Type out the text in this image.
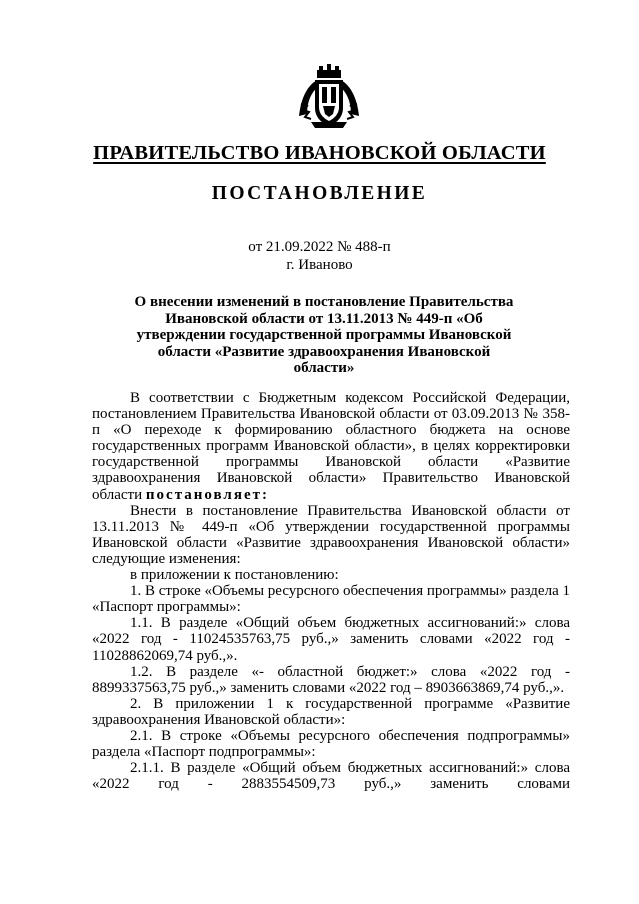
ПРАВИТЕЛЬСТВО ИВАНОВСКОЙ ОБЛАСТИ
ПОСТАНОВЛЕНИЕ
от 21.09.2022 № 488-п
г. Иваново
О внесении изменений в постановление Правительства Ивановской области от 13.11.2013 № 449-п «Об утверждении государственной программы Ивановской области «Развитие здравоохранения Ивановской области»

В соответствии с Бюджетным кодексом Российской Федерации, постановлением Правительства Ивановской области от 03.09.2013 № 358-п «О переходе к формированию областного бюджета на основе государственных программ Ивановской области», в целях корректировки государственной программы Ивановской области «Развитие здравоохранения Ивановской области» Правительство Ивановской области постановляет:

Внести в постановление Правительства Ивановской области от 13.11.2013 № 449-п «Об утверждении государственной программы Ивановской области «Развитие здравоохранения Ивановской области» следующие изменения:

в приложении к постановлению:

1. В строке «Объемы ресурсного обеспечения программы» раздела 1 «Паспорт программы»:

1.1. В разделе «Общий объем бюджетных ассигнований:» слова «2022 год - 11024535763,75 руб.,» заменить словами «2022 год - 11028862069,74 руб.,».

1.2. В разделе «- областной бюджет:» слова «2022 год - 8899337563,75 руб.,» заменить словами «2022 год – 8903663869,74 руб.,».

2. В приложении 1 к государственной программе «Развитие здравоохранения Ивановской области»:

2.1. В строке «Объемы ресурсного обеспечения подпрограммы» раздела «Паспорт подпрограммы»:

2.1.1. В разделе «Общий объем бюджетных ассигнований:» слова «2022 год - 2883554509,73 руб.,» заменить словами
